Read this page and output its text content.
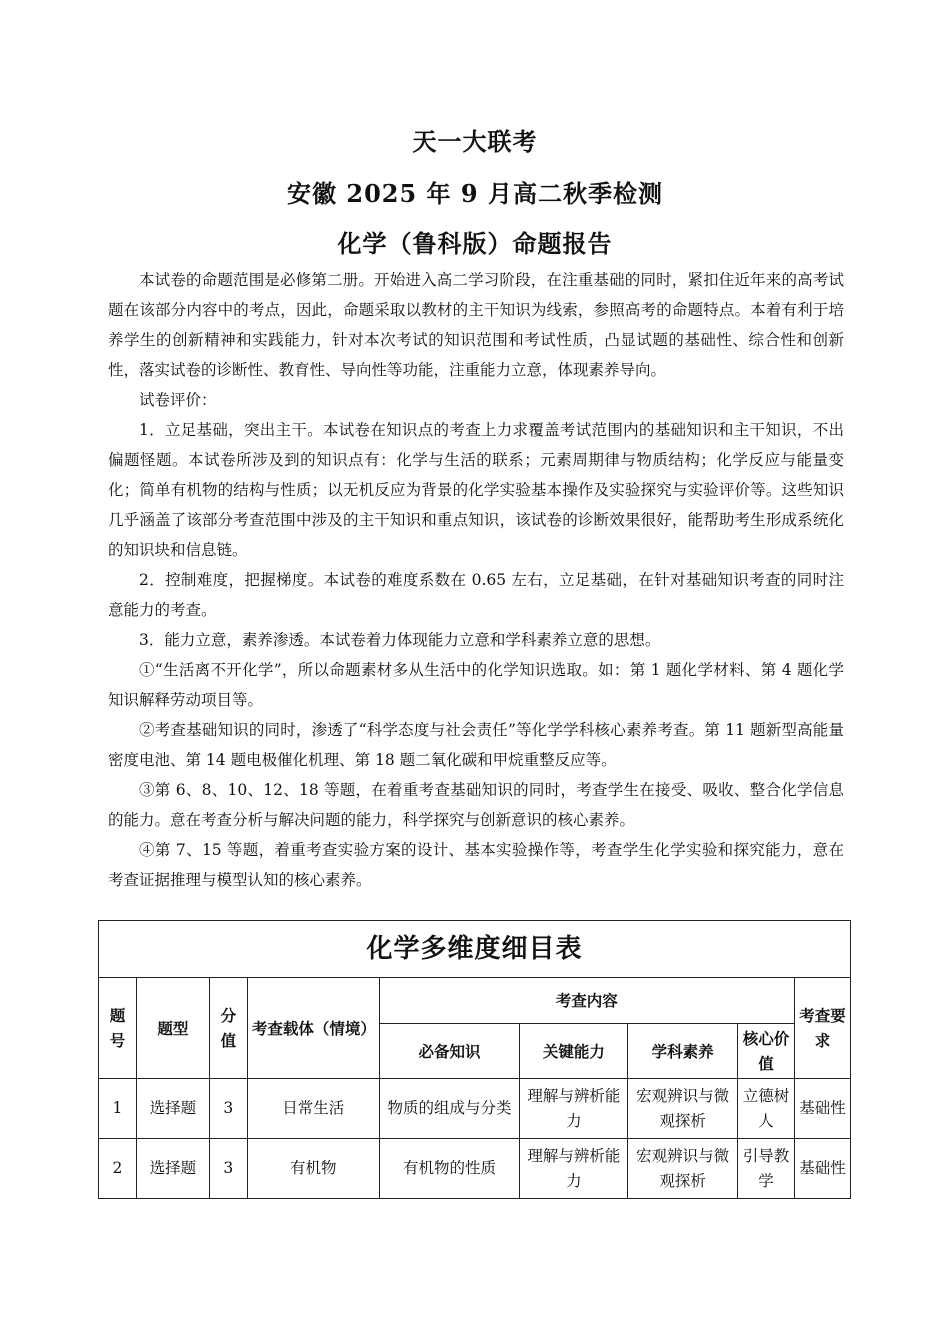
天一大联考
安徽 2025 年 9 月高二秋季检测
化学（鲁科版）命题报告

本试卷的命题范围是必修第二册。开始进入高二学习阶段，在注重基础的同时，紧扣住近年来的高考试题在该部分内容中的考点，因此，命题采取以教材的主干知识为线索，参照高考的命题特点。本着有利于培养学生的创新精神和实践能力，针对本次考试的知识范围和考试性质，凸显试题的基础性、综合性和创新性，落实试卷的诊断性、教育性、导向性等功能，注重能力立意，体现素养导向。

试卷评价：

1．立足基础，突出主干。本试卷在知识点的考查上力求覆盖考试范围内的基础知识和主干知识，不出偏题怪题。本试卷所涉及到的知识点有：化学与生活的联系；元素周期律与物质结构；化学反应与能量变化；简单有机物的结构与性质；以无机反应为背景的化学实验基本操作及实验探究与实验评价等。这些知识几乎涵盖了该部分考查范围中涉及的主干知识和重点知识，该试卷的诊断效果很好，能帮助考生形成系统化的知识块和信息链。

2．控制难度，把握梯度。本试卷的难度系数在 0.65 左右，立足基础，在针对基础知识考查的同时注意能力的考查。

3．能力立意，素养渗透。本试卷着力体现能力立意和学科素养立意的思想。

①“生活离不开化学”，所以命题素材多从生活中的化学知识选取。如：第 1 题化学材料、第 4 题化学知识解释劳动项目等。

②考查基础知识的同时，渗透了“科学态度与社会责任”等化学学科核心素养考查。第 11 题新型高能量密度电池、第 14 题电极催化机理、第 18 题二氧化碳和甲烷重整反应等。

③第 6、8、10、12、18 等题，在着重考查基础知识的同时，考查学生在接受、吸收、整合化学信息的能力。意在考查分析与解决问题的能力，科学探究与创新意识的核心素养。

④第 7、15 等题，着重考查实验方案的设计、基本实验操作等，考查学生化学实验和探究能力，意在考查证据推理与模型认知的核心素养。

化学多维度细目表								
题号	题型	分值	考查载体（情境）	考查内容				考查要求
				必备知识	关键能力	学科素养	核心价值	
1	选择题	3	日常生活	物质的组成与分类	理解与辨析能力	宏观辨识与微观探析	立德树人	基础性
2	选择题	3	有机物	有机物的性质	理解与辨析能力	宏观辨识与微观探析	引导教学	基础性
